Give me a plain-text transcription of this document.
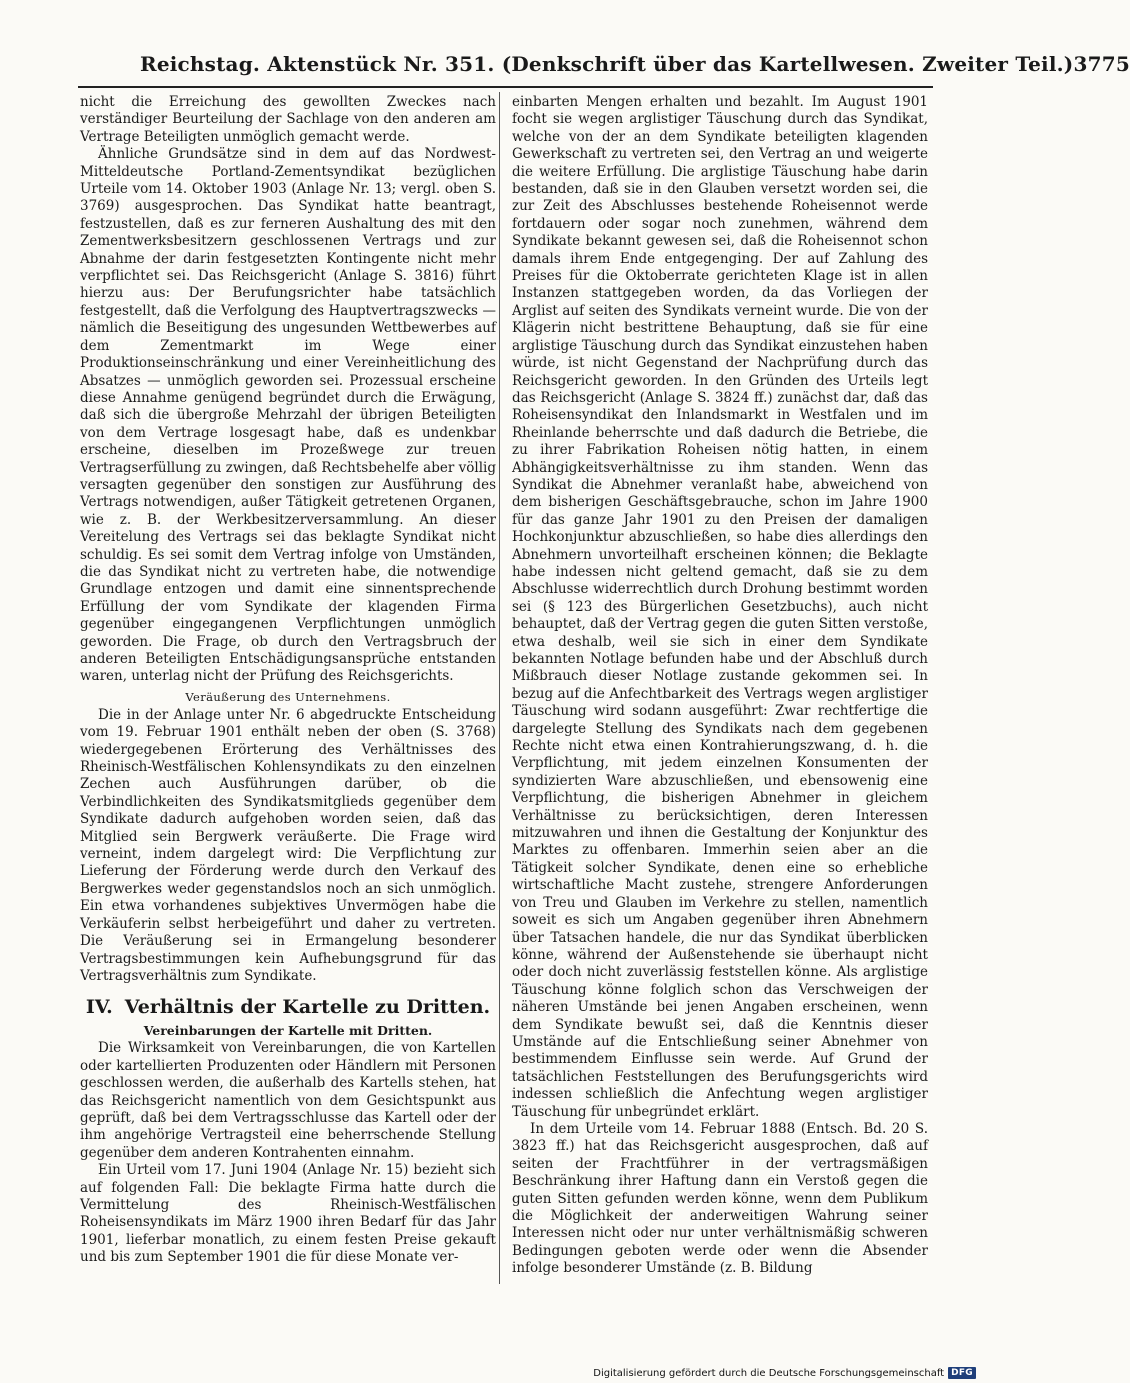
Reichstag. Aktenstück Nr. 351. (Denkschrift über das Kartellwesen. Zweiter Teil.) 3775

nicht die Erreichung des gewollten Zweckes nach verständiger Beurteilung der Sachlage von den anderen am Vertrage Beteiligten unmöglich gemacht werde.

Ähnliche Grundsätze sind in dem auf das Nordwest-Mitteldeutsche Portland-Zementsyndikat bezüglichen Urteile vom 14. Oktober 1903 (Anlage Nr. 13; vergl. oben S. 3769) ausgesprochen. Das Syndikat hatte beantragt, festzustellen, daß es zur ferneren Aushaltung des mit den Zementwerksbesitzern geschlossenen Vertrags und zur Abnahme der darin festgesetzten Kontingente nicht mehr verpflichtet sei. Das Reichsgericht (Anlage S. 3816) führt hierzu aus: Der Berufungsrichter habe tatsächlich festgestellt, daß die Verfolgung des Hauptvertragszwecks — nämlich die Beseitigung des ungesunden Wettbewerbes auf dem Zementmarkt im Wege einer Produktionseinschränkung und einer Vereinheitlichung des Absatzes — unmöglich geworden sei. Prozessual erscheine diese Annahme genügend begründet durch die Erwägung, daß sich die übergroße Mehrzahl der übrigen Beteiligten von dem Vertrage losgesagt habe, daß es undenkbar erscheine, dieselben im Prozeßwege zur treuen Vertragserfüllung zu zwingen, daß Rechtsbehelfe aber völlig versagten gegenüber den sonstigen zur Ausführung des Vertrags notwendigen, außer Tätigkeit getretenen Organen, wie z. B. der Werkbesitzerversammlung. An dieser Vereitelung des Vertrags sei das beklagte Syndikat nicht schuldig. Es sei somit dem Vertrag infolge von Umständen, die das Syndikat nicht zu vertreten habe, die notwendige Grundlage entzogen und damit eine sinnentsprechende Erfüllung der vom Syndikate der klagenden Firma gegenüber eingegangenen Verpflichtungen unmöglich geworden. Die Frage, ob durch den Vertragsbruch der anderen Beteiligten Entschädigungsansprüche entstanden waren, unterlag nicht der Prüfung des Reichsgerichts.

Veräußerung des Unternehmens.

Die in der Anlage unter Nr. 6 abgedruckte Entscheidung vom 19. Februar 1901 enthält neben der oben (S. 3768) wiedergegebenen Erörterung des Verhältnisses des Rheinisch-Westfälischen Kohlensyndikats zu den einzelnen Zechen auch Ausführungen darüber, ob die Verbindlichkeiten des Syndikatsmitglieds gegenüber dem Syndikate dadurch aufgehoben worden seien, daß das Mitglied sein Bergwerk veräußerte. Die Frage wird verneint, indem dargelegt wird: Die Verpflichtung zur Lieferung der Förderung werde durch den Verkauf des Bergwerkes weder gegenstandslos noch an sich unmöglich. Ein etwa vorhandenes subjektives Unvermögen habe die Verkäuferin selbst herbeigeführt und daher zu vertreten. Die Veräußerung sei in Ermangelung besonderer Vertragsbestimmungen kein Aufhebungsgrund für das Vertragsverhältnis zum Syndikate.

IV. Verhältnis der Kartelle zu Dritten.
Vereinbarungen der Kartelle mit Dritten.

Die Wirksamkeit von Vereinbarungen, die von Kartellen oder kartellierten Produzenten oder Händlern mit Personen geschlossen werden, die außerhalb des Kartells stehen, hat das Reichsgericht namentlich von dem Gesichtspunkt aus geprüft, daß bei dem Vertragsschlusse das Kartell oder der ihm angehörige Vertragsteil eine beherrschende Stellung gegenüber dem anderen Kontrahenten einnahm.

Ein Urteil vom 17. Juni 1904 (Anlage Nr. 15) bezieht sich auf folgenden Fall: Die beklagte Firma hatte durch die Vermittelung des Rheinisch-Westfälischen Roheisensyndikats im März 1900 ihren Bedarf für das Jahr 1901, lieferbar monatlich, zu einem festen Preise gekauft und bis zum September 1901 die für diese Monate ver-

einbarten Mengen erhalten und bezahlt. Im August 1901 focht sie wegen arglistiger Täuschung durch das Syndikat, welche von der an dem Syndikate beteiligten klagenden Gewerkschaft zu vertreten sei, den Vertrag an und weigerte die weitere Erfüllung. Die arglistige Täuschung habe darin bestanden, daß sie in den Glauben versetzt worden sei, die zur Zeit des Abschlusses bestehende Roheisennot werde fortdauern oder sogar noch zunehmen, während dem Syndikate bekannt gewesen sei, daß die Roheisennot schon damals ihrem Ende entgegenging. Der auf Zahlung des Preises für die Oktoberrate gerichteten Klage ist in allen Instanzen stattgegeben worden, da das Vorliegen der Arglist auf seiten des Syndikats verneint wurde. Die von der Klägerin nicht bestrittene Behauptung, daß sie für eine arglistige Täuschung durch das Syndikat einzustehen haben würde, ist nicht Gegenstand der Nachprüfung durch das Reichsgericht geworden. In den Gründen des Urteils legt das Reichsgericht (Anlage S. 3824 ff.) zunächst dar, daß das Roheisensyndikat den Inlandsmarkt in Westfalen und im Rheinlande beherrschte und daß dadurch die Betriebe, die zu ihrer Fabrikation Roheisen nötig hatten, in einem Abhängigkeitsverhältnisse zu ihm standen. Wenn das Syndikat die Abnehmer veranlaßt habe, abweichend von dem bisherigen Geschäftsgebrauche, schon im Jahre 1900 für das ganze Jahr 1901 zu den Preisen der damaligen Hochkonjunktur abzuschließen, so habe dies allerdings den Abnehmern unvorteilhaft erscheinen können; die Beklagte habe indessen nicht geltend gemacht, daß sie zu dem Abschlusse widerrechtlich durch Drohung bestimmt worden sei (§ 123 des Bürgerlichen Gesetzbuchs), auch nicht behauptet, daß der Vertrag gegen die guten Sitten verstoße, etwa deshalb, weil sie sich in einer dem Syndikate bekannten Notlage befunden habe und der Abschluß durch Mißbrauch dieser Notlage zustande gekommen sei. In bezug auf die Anfechtbarkeit des Vertrags wegen arglistiger Täuschung wird sodann ausgeführt: Zwar rechtfertige die dargelegte Stellung des Syndikats nach dem gegebenen Rechte nicht etwa einen Kontrahierungszwang, d. h. die Verpflichtung, mit jedem einzelnen Konsumenten der syndizierten Ware abzuschließen, und ebensowenig eine Verpflichtung, die bisherigen Abnehmer in gleichem Verhältnisse zu berücksichtigen, deren Interessen mitzuwahren und ihnen die Gestaltung der Konjunktur des Marktes zu offenbaren. Immerhin seien aber an die Tätigkeit solcher Syndikate, denen eine so erhebliche wirtschaftliche Macht zustehe, strengere Anforderungen von Treu und Glauben im Verkehre zu stellen, namentlich soweit es sich um Angaben gegenüber ihren Abnehmern über Tatsachen handele, die nur das Syndikat überblicken könne, während der Außenstehende sie überhaupt nicht oder doch nicht zuverlässig feststellen könne. Als arglistige Täuschung könne folglich schon das Verschweigen der näheren Umstände bei jenen Angaben erscheinen, wenn dem Syndikate bewußt sei, daß die Kenntnis dieser Umstände auf die Entschließung seiner Abnehmer von bestimmendem Einflusse sein werde. Auf Grund der tatsächlichen Feststellungen des Berufungsgerichts wird indessen schließlich die Anfechtung wegen arglistiger Täuschung für unbegründet erklärt.

In dem Urteile vom 14. Februar 1888 (Entsch. Bd. 20 S. 3823 ff.) hat das Reichsgericht ausgesprochen, daß auf seiten der Frachtführer in der vertragsmäßigen Beschränkung ihrer Haftung dann ein Verstoß gegen die guten Sitten gefunden werden könne, wenn dem Publikum die Möglichkeit der anderweitigen Wahrung seiner Interessen nicht oder nur unter verhältnismäßig schweren Bedingungen geboten werde oder wenn die Absender infolge besonderer Umstände (z. B. Bildung

Digitalisierung gefördert durch die Deutsche Forschungsgemeinschaft DFG
